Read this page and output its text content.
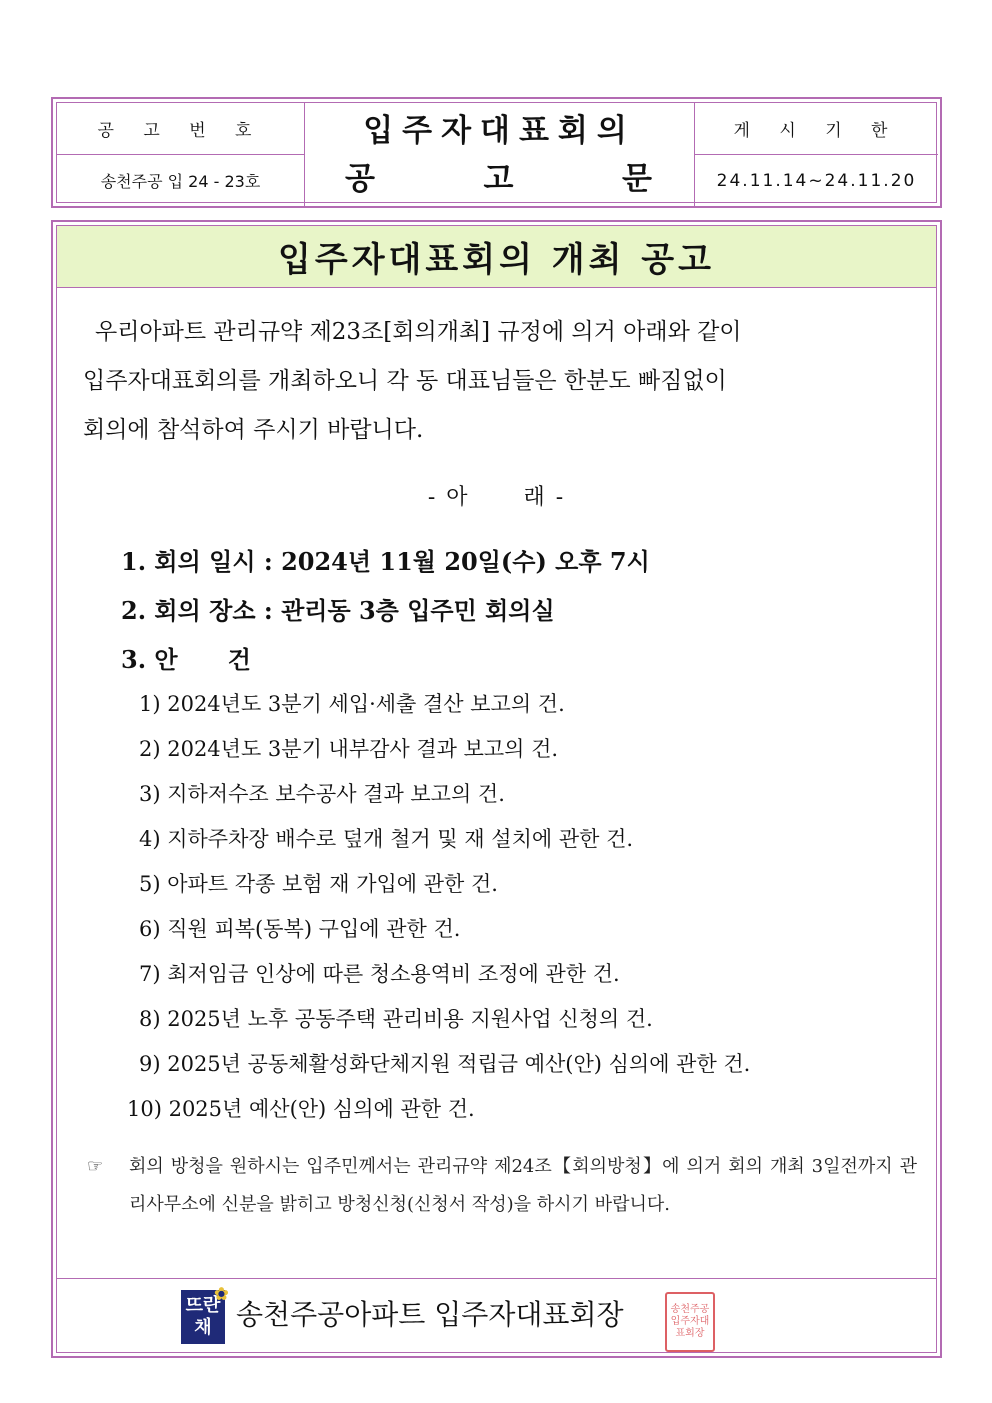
공 고 번 호
송천주공 입 24 - 23호
입주자대표회의
공	고	문
게 시 기 한
24.11.14~24.11.20
입주자대표회의 개최 공고

우리아파트 관리규약 제23조[회의개최] 규정에 의거 아래와 같이

입주자대표회의를 개최하오니 각 동 대표님들은 한분도 빠짐없이

회의에 참석하여 주시기 바랍니다.

- 아      래 -
1. 회의 일시 : 2024년 11월 20일(수) 오후 7시
2. 회의 장소 : 관리동 3층 입주민 회의실
3. 안      건
1) 2024년도 3분기 세입·세출 결산 보고의 건.
2) 2024년도 3분기 내부감사 결과 보고의 건.
3) 지하저수조 보수공사 결과 보고의 건.
4) 지하주차장 배수로 덮개 철거 및 재 설치에 관한 건.
5) 아파트 각종 보험 재 가입에 관한 건.
6) 직원 피복(동복) 구입에 관한 건.
7) 최저임금 인상에 따른 청소용역비 조정에 관한 건.
8) 2025년 노후 공동주택 관리비용 지원사업 신청의 건.
9) 2025년 공동체활성화단체지원 적립금 예산(안) 심의에 관한 건.
10) 2025년 예산(안) 심의에 관한 건.
☞ 회의 방청을 원하시는 입주민께서는 관리규약 제24조【회의방청】에 의거 회의 개최 3일전까지 관리사무소에 신분을 밝히고 방청신청(신청서 작성)을 하시기 바랍니다.
✿
뜨란
채 송천주공아파트 입주자대표회장	송천주공입주자대표회장
